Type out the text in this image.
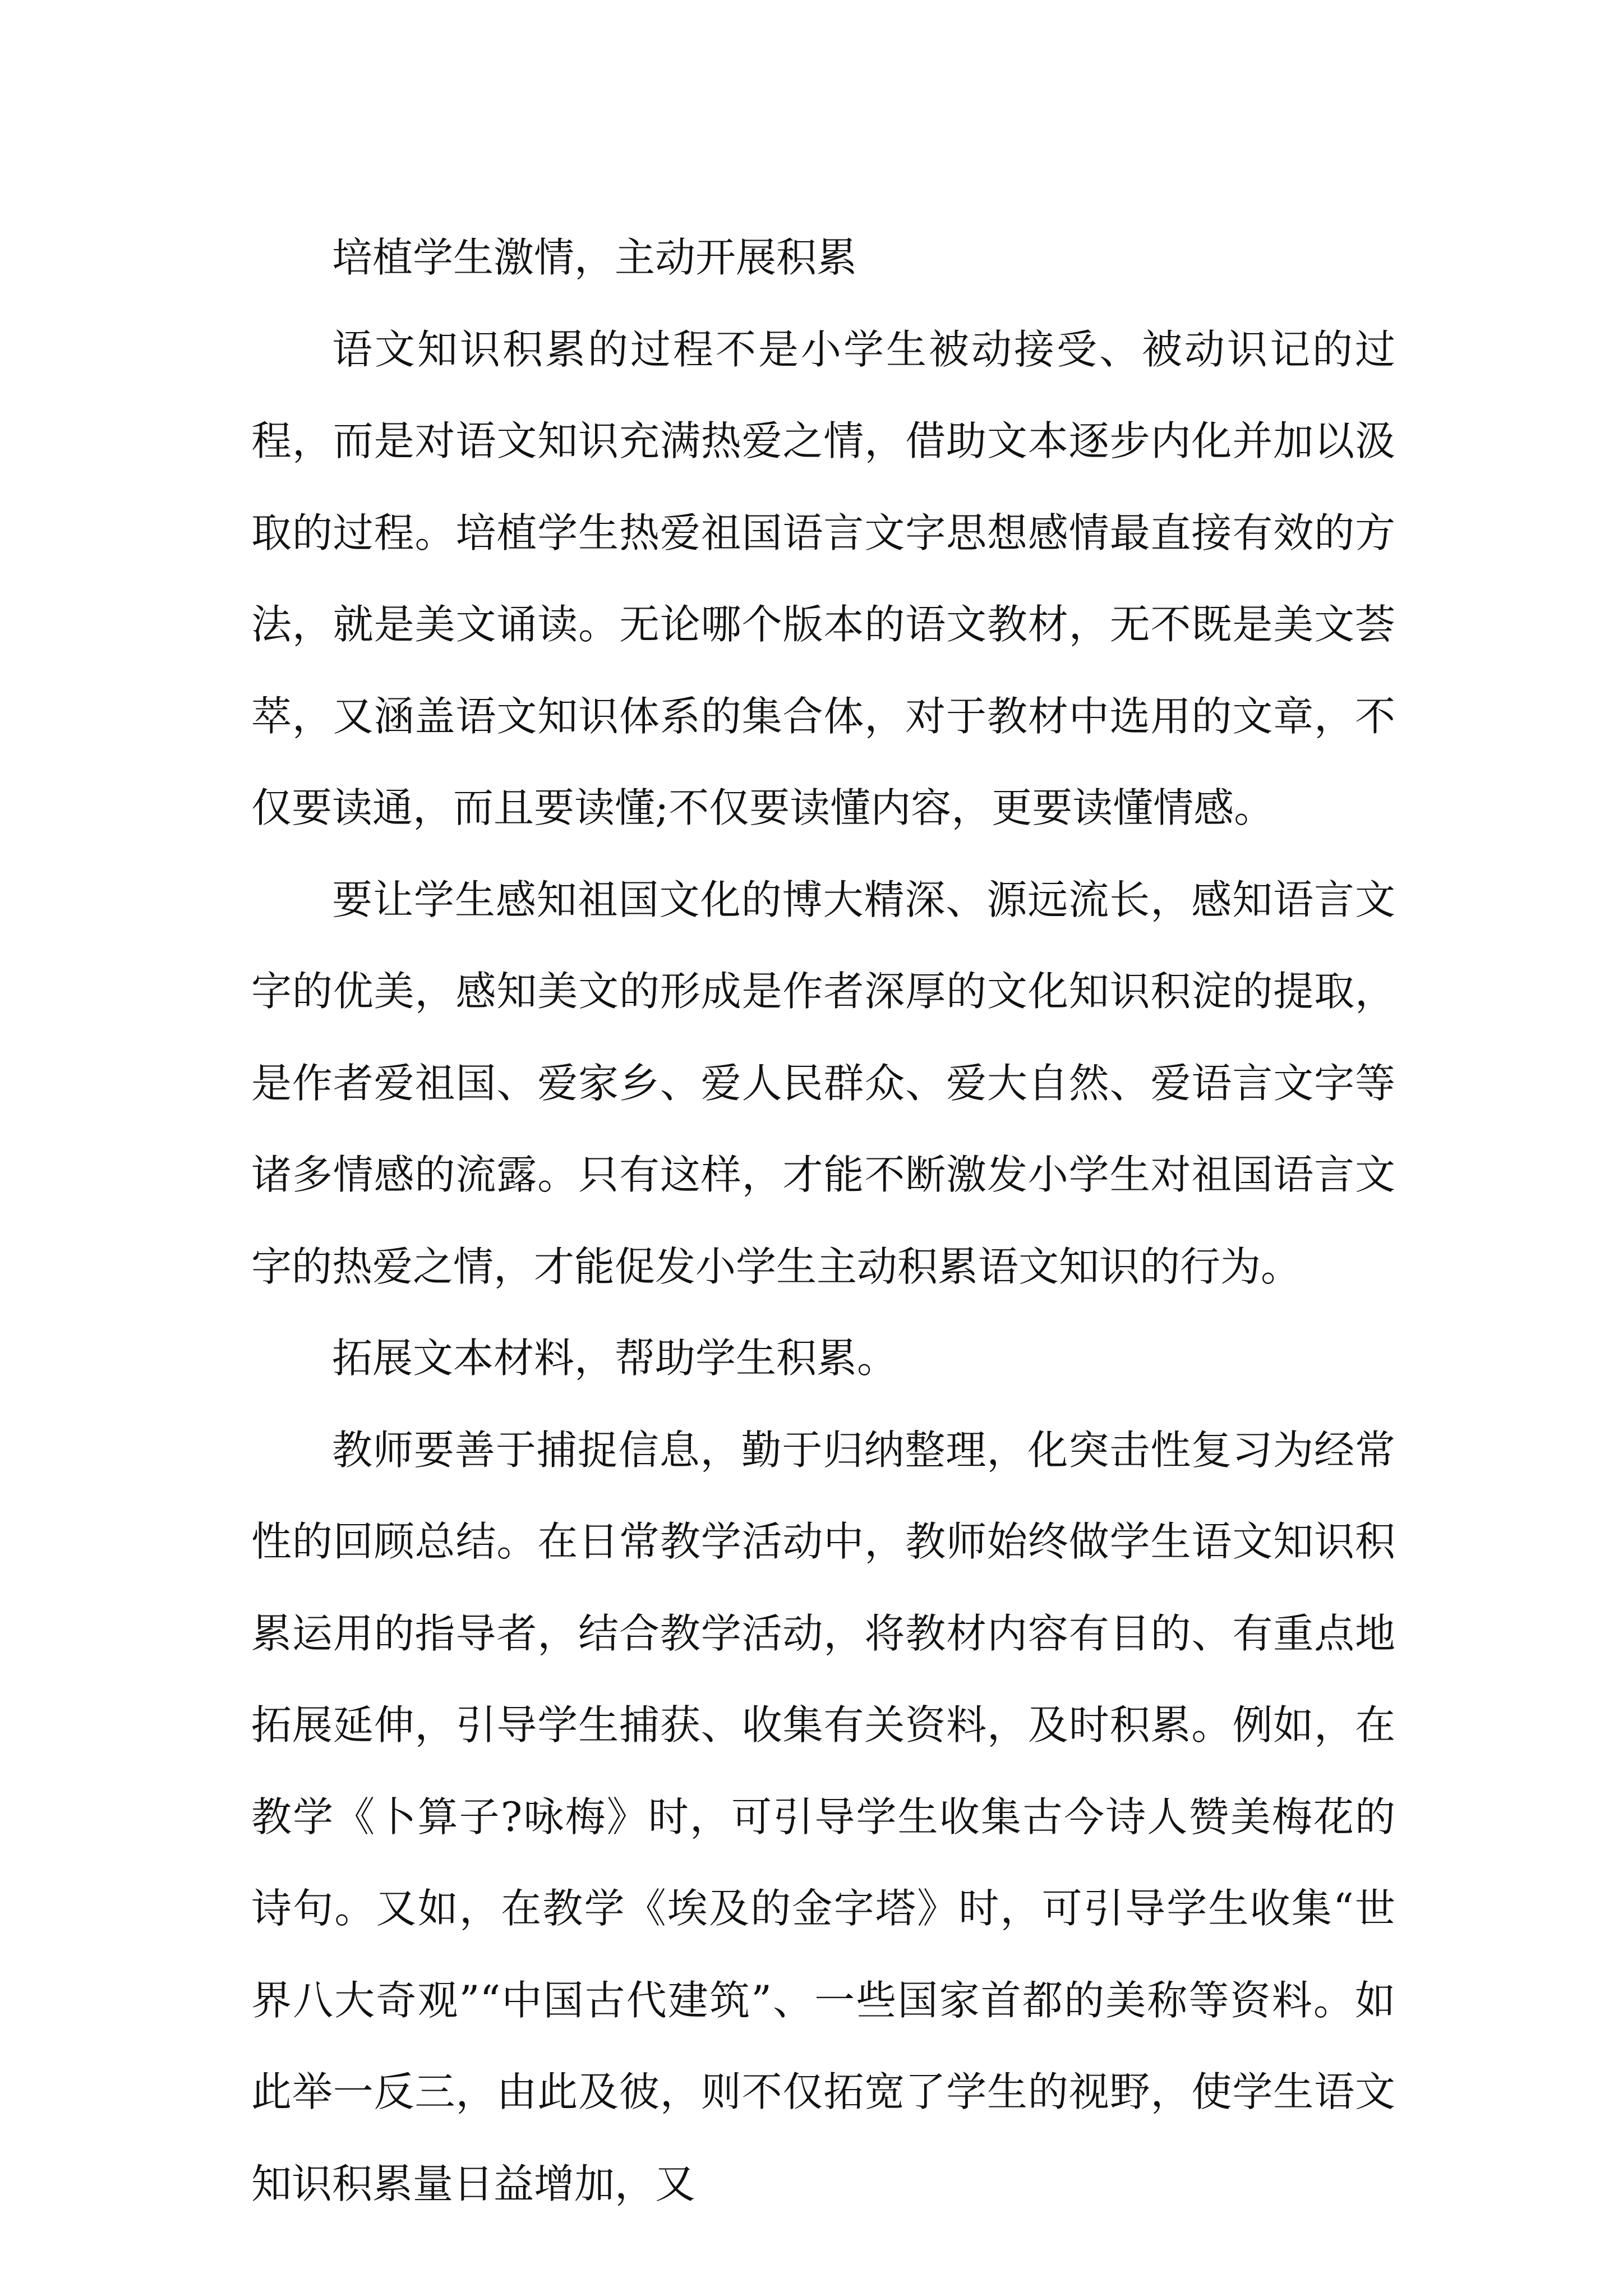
培植学生激情，主动开展积累

语文知识积累的过程不是小学生被动接受、被动识记的过程，而是对语文知识充满热爱之情，借助文本逐步内化并加以汲取的过程。培植学生热爱祖国语言文字思想感情最直接有效的方法，就是美文诵读。无论哪个版本的语文教材，无不既是美文荟萃，又涵盖语文知识体系的集合体，对于教材中选用的文章，不仅要读通，而且要读懂;不仅要读懂内容，更要读懂情感。

要让学生感知祖国文化的博大精深、源远流长，感知语言文字的优美，感知美文的形成是作者深厚的文化知识积淀的提取，是作者爱祖国、爱家乡、爱人民群众、爱大自然、爱语言文字等诸多情感的流露。只有这样，才能不断激发小学生对祖国语言文字的热爱之情，才能促发小学生主动积累语文知识的行为。

拓展文本材料，帮助学生积累。

教师要善于捕捉信息，勤于归纳整理，化突击性复习为经常性的回顾总结。在日常教学活动中，教师始终做学生语文知识积累运用的指导者，结合教学活动，将教材内容有目的、有重点地拓展延伸，引导学生捕获、收集有关资料，及时积累。例如，在教学《卜算子?咏梅》时，可引导学生收集古今诗人赞美梅花的诗句。又如，在教学《埃及的金字塔》时，可引导学生收集“世界八大奇观”“中国古代建筑”、一些国家首都的美称等资料。如此举一反三，由此及彼，则不仅拓宽了学生的视野，使学生语文知识积累量日益增加，又
